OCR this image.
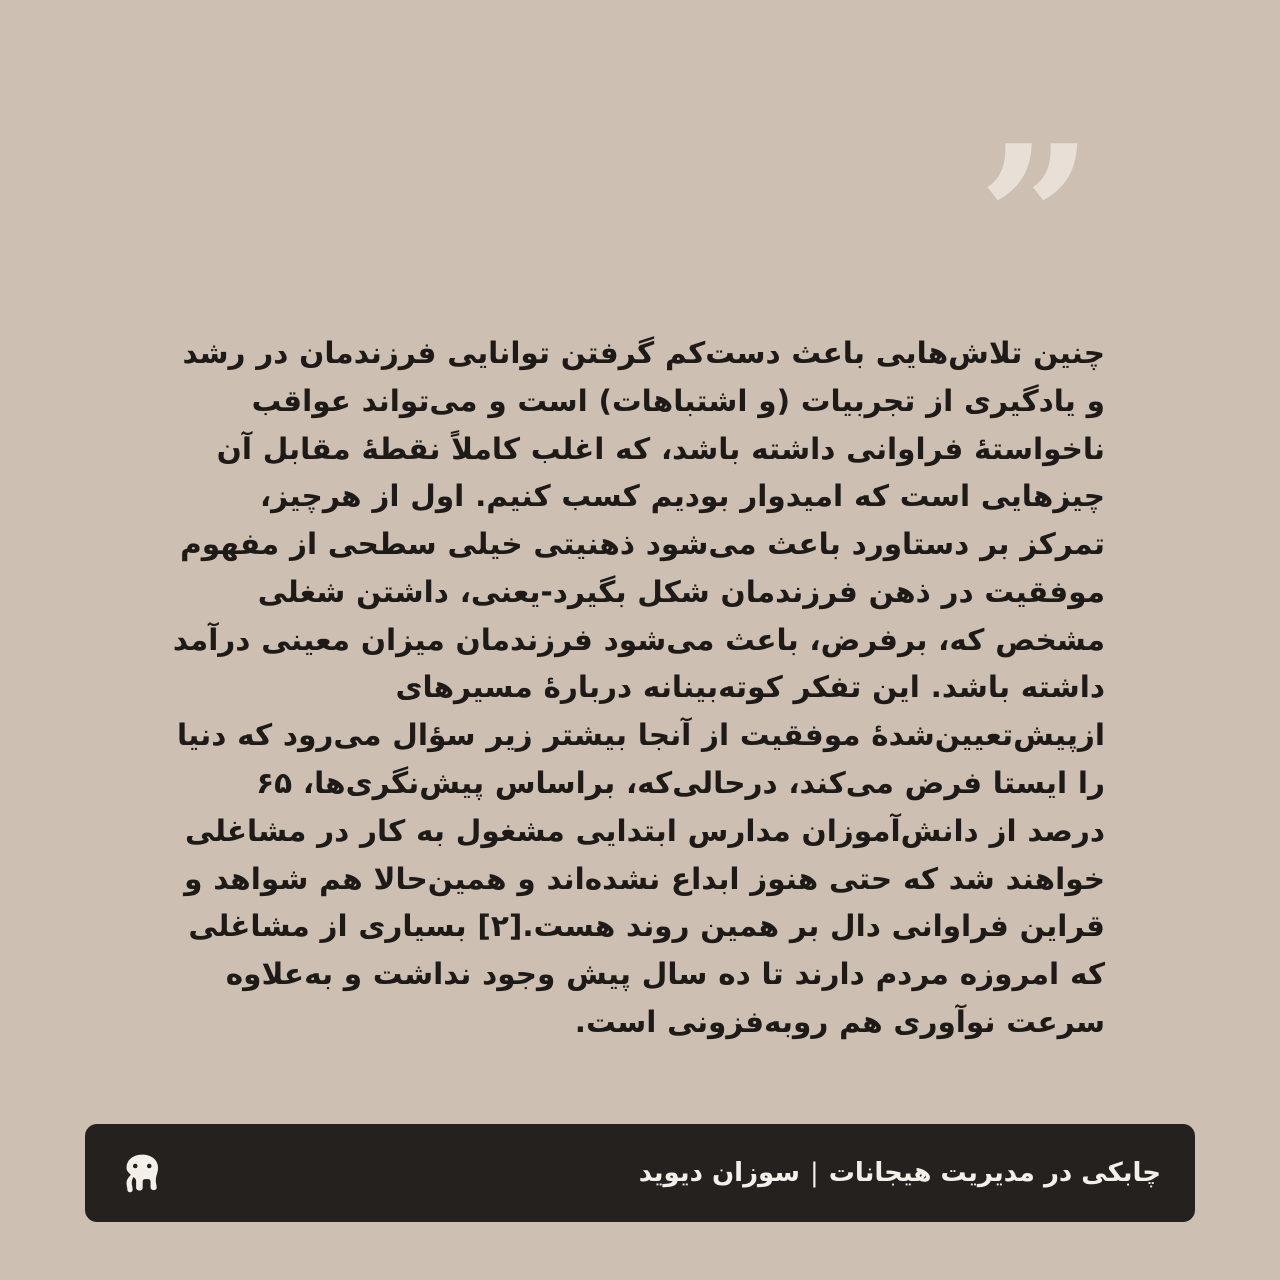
”

چنین تلاش‌هایی باعث دست‌کم گرفتن توانایی فرزندمان در رشد و یادگیری از تجربیات (و اشتباهات) است و می‌تواند عواقب ناخواستهٔ فراوانی داشته باشد، که اغلب کاملاً نقطهٔ مقابل آن چیزهایی است که امیدوار بودیم کسب کنیم. اول از هرچیز، تمرکز بر دستاورد باعث می‌شود ذهنیتی خیلی سطحی از مفهوم موفقیت در ذهن فرزندمان شکل بگیرد-یعنی، داشتن شغلی مشخص که، برفرض، باعث می‌شود فرزندمان میزان معینی درآمد داشته باشد. این تفکر کوته‌بینانه دربارهٔ مسیرهای ازپیش‌تعیین‌شدهٔ موفقیت از آنجا بیشتر زیر سؤال می‌رود که دنیا را ایستا فرض می‌کند، درحالی‌که، براساس پیش‌نگری‌ها، ۶۵ درصد از دانش‌آموزان مدارس ابتدایی مشغول به کار در مشاغلی خواهند شد که حتی هنوز ابداع نشده‌اند و همین‌حالا هم شواهد و قراین فراوانی دال بر همین روند هست.[۲] بسیاری از مشاغلی که امروزه مردم دارند تا ده سال پیش وجود نداشت و به‌علاوه سرعت نوآوری هم روبه‌فزونی است.

چابکی در مدیریت هیجانات|سوزان دیوید
